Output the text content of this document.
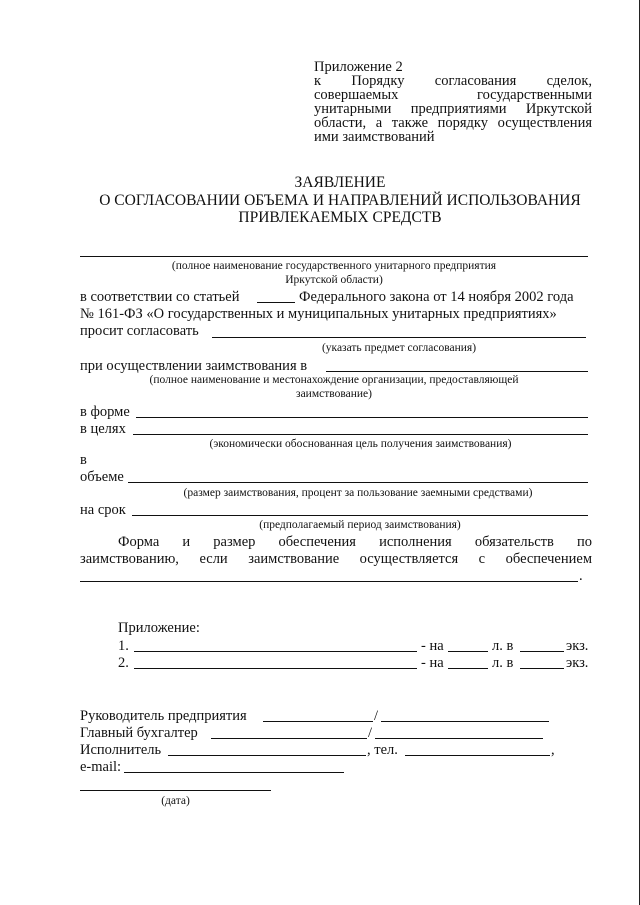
Приложение 2
к Порядку согласования сделок,
совершаемых государственными
унитарными предприятиями Иркутской
области, а также порядку осуществления
ими заимствований
ЗАЯВЛЕНИЕ
О СОГЛАСОВАНИИ ОБЪЕМА И НАПРАВЛЕНИЙ ИСПОЛЬЗОВАНИЯ
ПРИВЛЕКАЕМЫХ СРЕДСТВ
(полное наименование государственного унитарного предприятия
Иркутской области)
в соответствии со статьей	Федерального закона от 14 ноября 2002 года
№ 161-ФЗ «О государственных и муниципальных унитарных предприятиях»
просит согласовать
(указать предмет согласования)
при осуществлении заимствования в
(полное наименование и местонахождение организации, предоставляющей
заимствование)
в форме
в целях
(экономически обоснованная цель получения заимствования)
в
объеме
(размер заимствования, процент за пользование заемными средствами)
на срок
(предполагаемый период заимствования)
Форма и размер обеспечения исполнения обязательств по
заимствованию, если заимствование осуществляется с обеспечением
.
Приложение:
1.	- на	л. в	экз.
2.	- на	л. в	экз.
Руководитель предприятия	/
Главный бухгалтер	/
Исполнитель	, тел.	,
e-mail:
(дата)
